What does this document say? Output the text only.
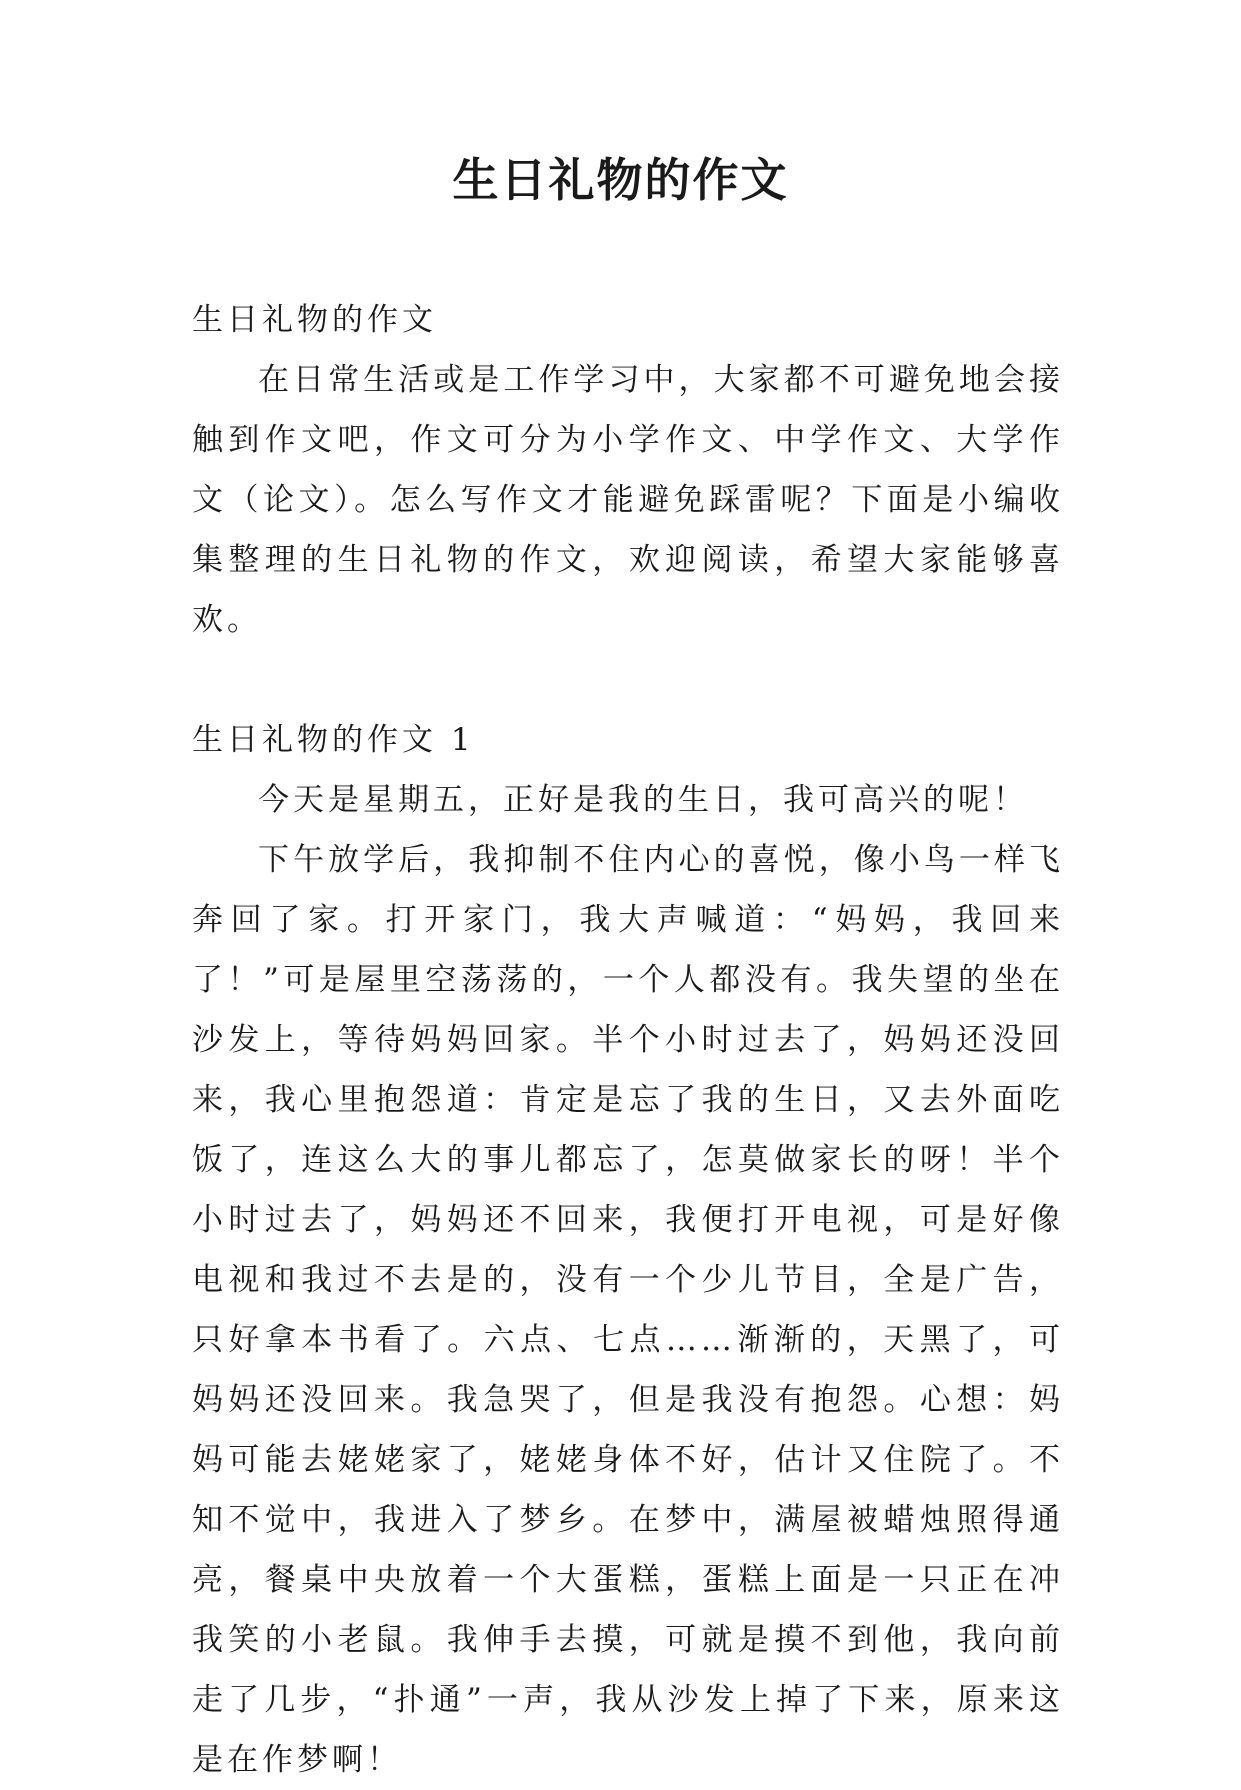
生日礼物的作文

生日礼物的作文

在日常生活或是工作学习中，大家都不可避免地会接触到作文吧，作文可分为小学作文、中学作文、大学作文（论文）。怎么写作文才能避免踩雷呢？下面是小编收集整理的生日礼物的作文，欢迎阅读，希望大家能够喜欢。

生日礼物的作文 1

今天是星期五，正好是我的生日，我可高兴的呢！

下午放学后，我抑制不住内心的喜悦，像小鸟一样飞奔回了家。打开家门，我大声喊道：“妈妈，我回来了！”可是屋里空荡荡的，一个人都没有。我失望的坐在沙发上，等待妈妈回家。半个小时过去了，妈妈还没回来，我心里抱怨道：肯定是忘了我的生日，又去外面吃饭了，连这么大的事儿都忘了，怎莫做家长的呀！半个小时过去了，妈妈还不回来，我便打开电视，可是好像电视和我过不去是的，没有一个少儿节目，全是广告，只好拿本书看了。六点、七点……渐渐的，天黑了，可妈妈还没回来。我急哭了，但是我没有抱怨。心想：妈妈可能去姥姥家了，姥姥身体不好，估计又住院了。不知不觉中，我进入了梦乡。在梦中，满屋被蜡烛照得通亮，餐桌中央放着一个大蛋糕，蛋糕上面是一只正在冲我笑的小老鼠。我伸手去摸，可就是摸不到他，我向前走了几步，“扑通”一声，我从沙发上掉了下来，原来这是在作梦啊！
